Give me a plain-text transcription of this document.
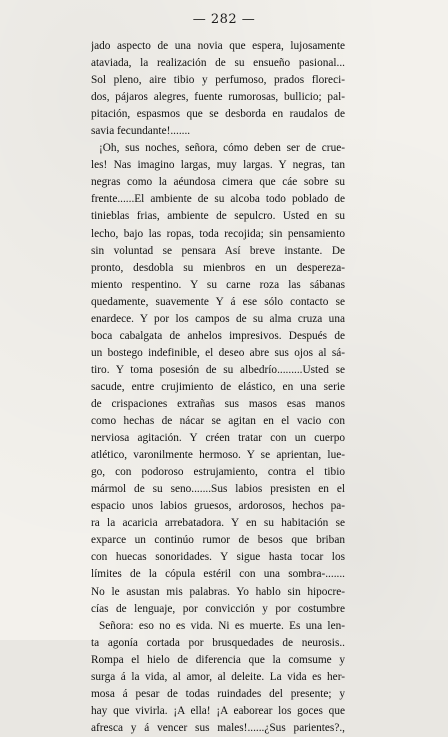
— 282 —
jado aspecto de una novia que espera, lujosamente
ataviada, la realización de su ensueño pasional...
Sol pleno, aire tibio y perfumoso, prados floreci-
dos, pájaros alegres, fuente rumorosas, bullicio; pal-
pitación, espasmos que se desborda en raudalos de
savia fecundante!.......
¡Oh, sus noches, señora, cómo deben ser de crue-
les! Nas imagino largas, muy largas. Y negras, tan
negras como la aéundosa cimera que cáe sobre su
frente......El ambiente de su alcoba todo poblado de
tinieblas frias, ambiente de sepulcro. Usted en su
lecho, bajo las ropas, toda recojida; sin pensamiento
sin voluntad se pensara Así breve instante. De
pronto, desdobla su mienbros en un desperezа-
miento respentino. Y su carne roza las sábanas
quedamente, suavemente Y á ese sólo contacto se
enardece. Y por los campos de su alma cruza una
boca cabalgata de anhelos impresivos. Después de
un bostego indefinible, el deseo abre sus ojos al sá-
tiro. Y toma posesión de su albedrío.........Usted se
sacude, entre crujimiento de elástico, en una serie
de crispaciones extrañas sus masos esas manos
como hechas de nácar se agitan en el vacio con
nerviosa agitación. Y créen tratar con un cuerpo
atlético, varonilmente hermoso. Y se aprientan, lue-
go, con podoroso estrujamiento, contra el tibio
mármol de su seno.......Sus labios presisten en el
espacio unos labios gruesos, ardorosos, hechos pa-
ra la acaricia arrebatadora. Y en su habitación se
exparce un continúo rumor de besos que briban
con huecas sonoridades. Y sigue hasta tocar los
límites de la cópula estéril con una sombra-.......
No le asustan mis palabras. Yo hablo sin hipocre-
cías de lenguaje, por convicción y por costumbre
Señora: eso no es vida. Ni es muerte. Es una len-
ta agonía cortada por brusquedades de neurosis..
Rompa el hielo de diferencia que la comsume y
surga á la vida, al amor, al deleite. La vida es her-
mosa á pesar de todas ruindades del presente; y
hay que vivirla. ¡A ella! ¡A eaborear los goces que
afresca y á vencer sus males!......¿Sus parientes?.,
